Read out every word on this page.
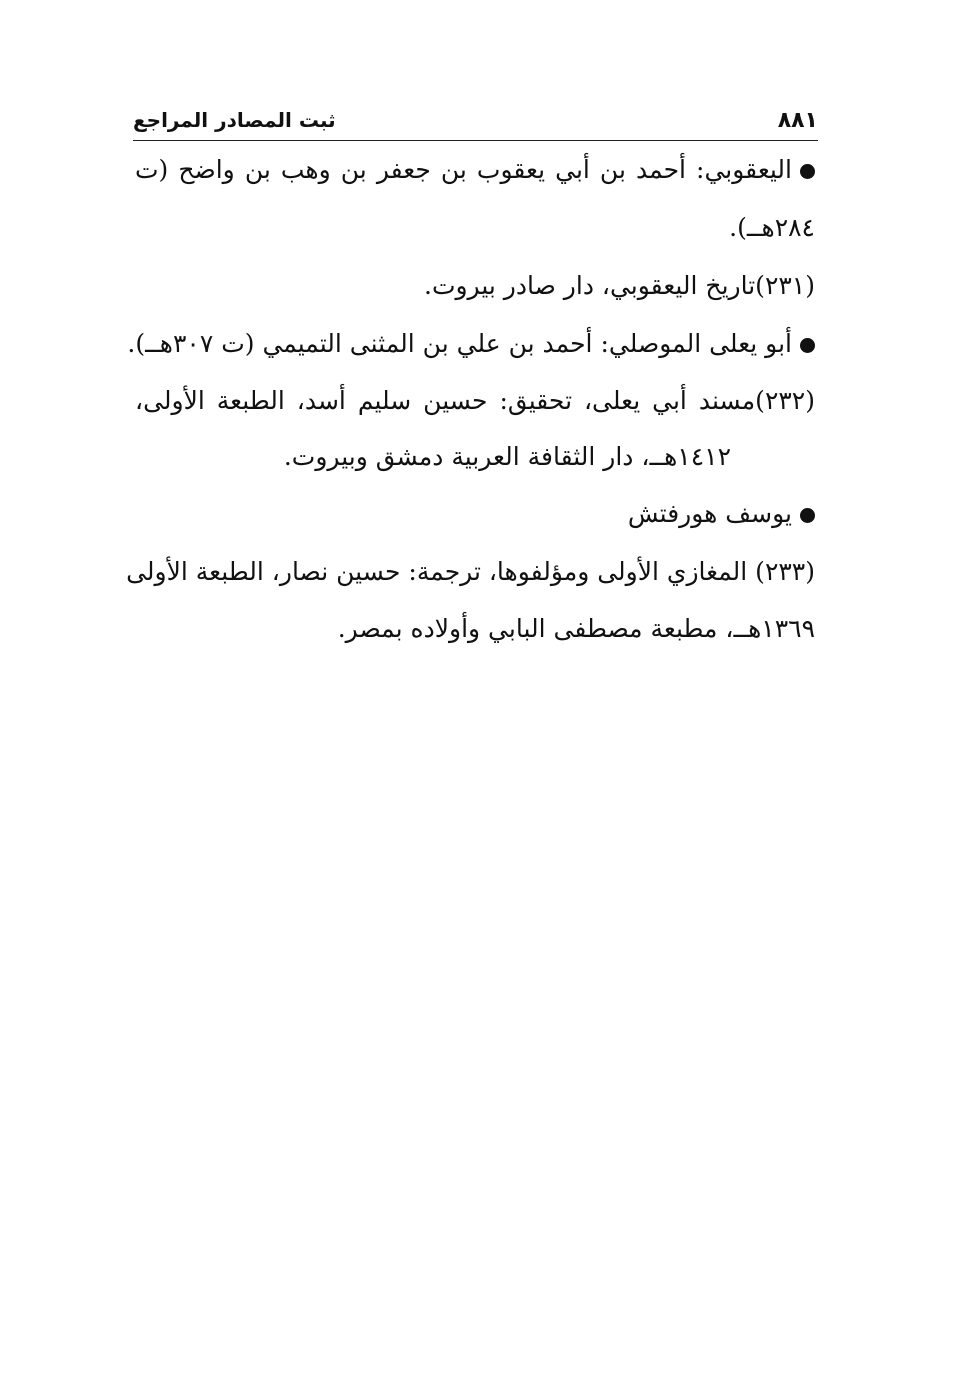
٨٨١
ثبت المصادر المراجع
اليعقوبي: أحمد بن أبي يعقوب بن جعفر بن وهب بن واضح (ت
٢٨٤هــ).
(٢٣١)تاريخ اليعقوبي، دار صادر بيروت.
أبو يعلى الموصلي: أحمد بن علي بن المثنى التميمي (ت ٣٠٧هــ).
(٢٣٢)مسند أبي يعلى، تحقيق: حسين سليم أسد، الطبعة الأولى،
١٤١٢هــ، دار الثقافة العربية دمشق وبيروت.
يوسف هورفتش
(٢٣٣) المغازي الأولى ومؤلفوها، ترجمة: حسين نصار، الطبعة الأولى
١٣٦٩هــ، مطبعة مصطفى البابي وأولاده بمصر.
